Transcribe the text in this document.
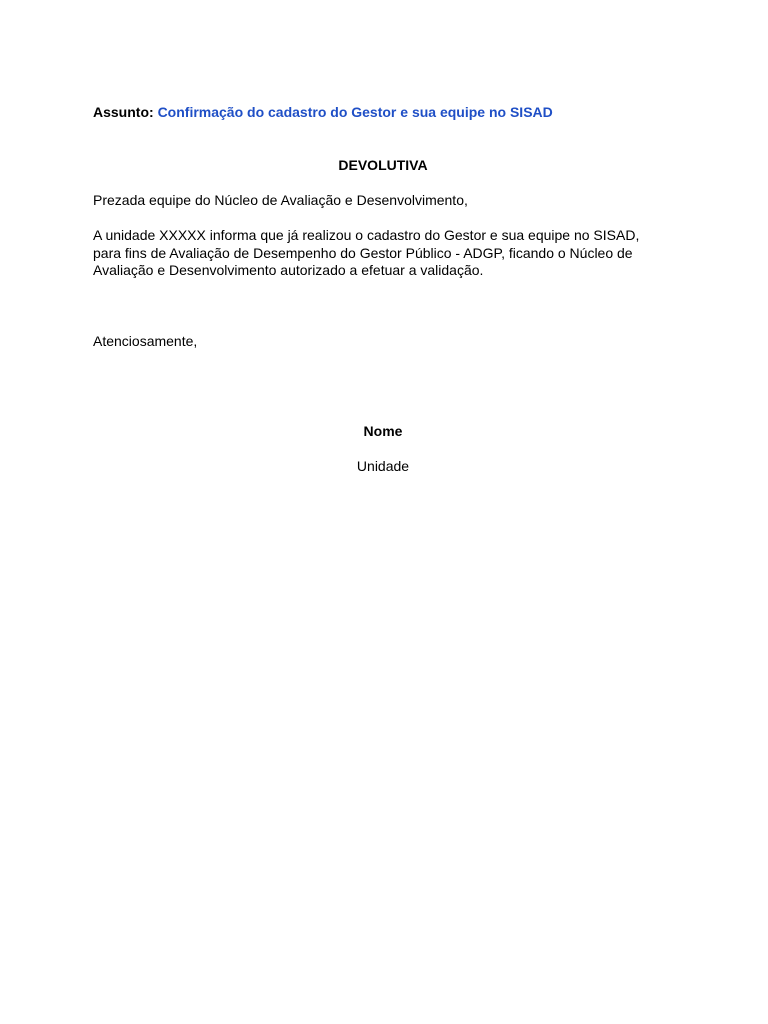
Assunto: Confirmação do cadastro do Gestor e sua equipe no SISAD
DEVOLUTIVA
Prezada equipe do Núcleo de Avaliação e Desenvolvimento,
A unidade XXXXX informa que já realizou o cadastro do Gestor e sua equipe no SISAD,
para fins de Avaliação de Desempenho do Gestor Público - ADGP, ficando o Núcleo de
Avaliação e Desenvolvimento autorizado a efetuar a validação.
Atenciosamente,
Nome
Unidade
